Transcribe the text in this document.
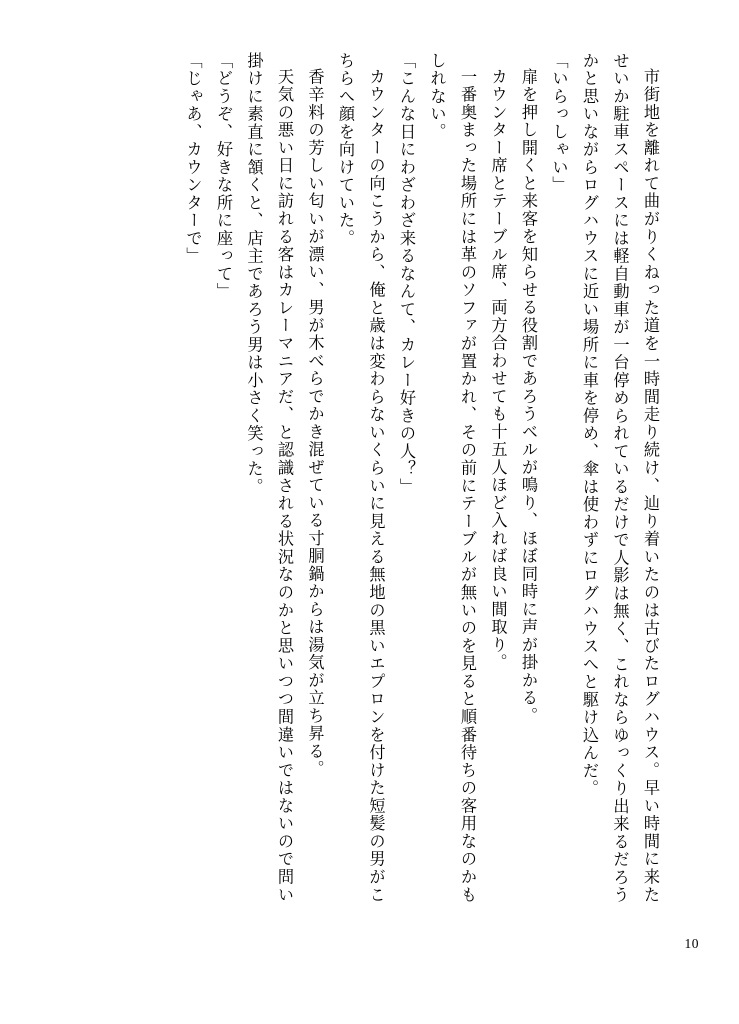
市街地を離れて曲がりくねった道を一時間走り続け、辿り着いたのは古びたログハウス。早い時間に来たせいか駐車スペースには軽自動車が一台停められているだけで人影は無く、これならゆっくり出来るだろうかと思いながらログハウスに近い場所に車を停め、傘は使わずにログハウスへと駆け込んだ。

「いらっしゃい」

扉を押し開くと来客を知らせる役割であろうベルが鳴り、ほぼ同時に声が掛かる。

カウンター席とテーブル席、両方合わせても十五人ほど入れば良い間取り。

一番奥まった場所には革のソファが置かれ、その前にテーブルが無いのを見ると順番待ちの客用なのかもしれない。

「こんな日にわざわざ来るなんて、カレー好きの人？」

カウンターの向こうから、俺と歳は変わらないくらいに見える無地の黒いエプロンを付けた短髪の男がこちらへ顔を向けていた。

香辛料の芳しい匂いが漂い、男が木べらでかき混ぜている寸胴鍋からは湯気が立ち昇る。

天気の悪い日に訪れる客はカレーマニアだ、と認識される状況なのかと思いつつ間違いではないので問い掛けに素直に頷くと、店主であろう男は小さく笑った。

「どうぞ、好きな所に座って」

「じゃあ、カウンターで」

10
